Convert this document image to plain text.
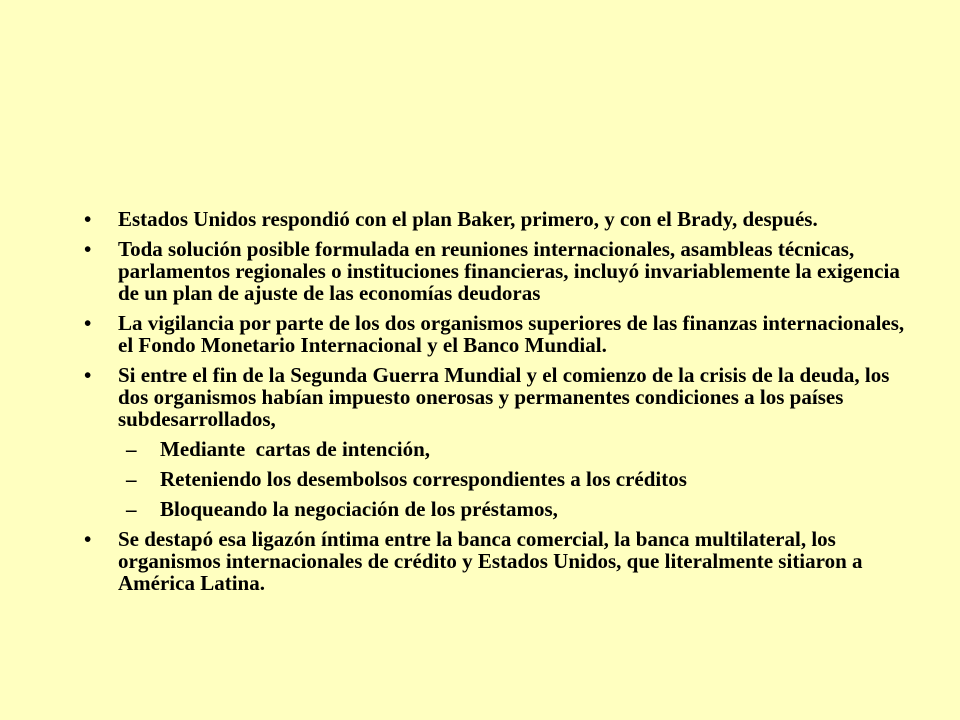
• Estados Unidos respondió con el plan Baker, primero, y con el Brady, después.
• Toda solución posible formulada en reuniones internacionales, asambleas técnicas, parlamentos regionales o instituciones financieras, incluyó invariablemente la exigencia de un plan de ajuste de las economías deudoras
• La vigilancia por parte de los dos organismos superiores de las finanzas internacionales, el Fondo Monetario Internacional y el Banco Mundial.
• Si entre el fin de la Segunda Guerra Mundial y el comienzo de la crisis de la deuda, los dos organismos habían impuesto onerosas y permanentes condiciones a los países subdesarrollados,
– Mediante  cartas de intención,
– Reteniendo los desembolsos correspondientes a los créditos
– Bloqueando la negociación de los préstamos,
• Se destapó esa ligazón íntima entre la banca comercial, la banca multilateral, los organismos internacionales de crédito y Estados Unidos, que literalmente sitiaron a América Latina.
